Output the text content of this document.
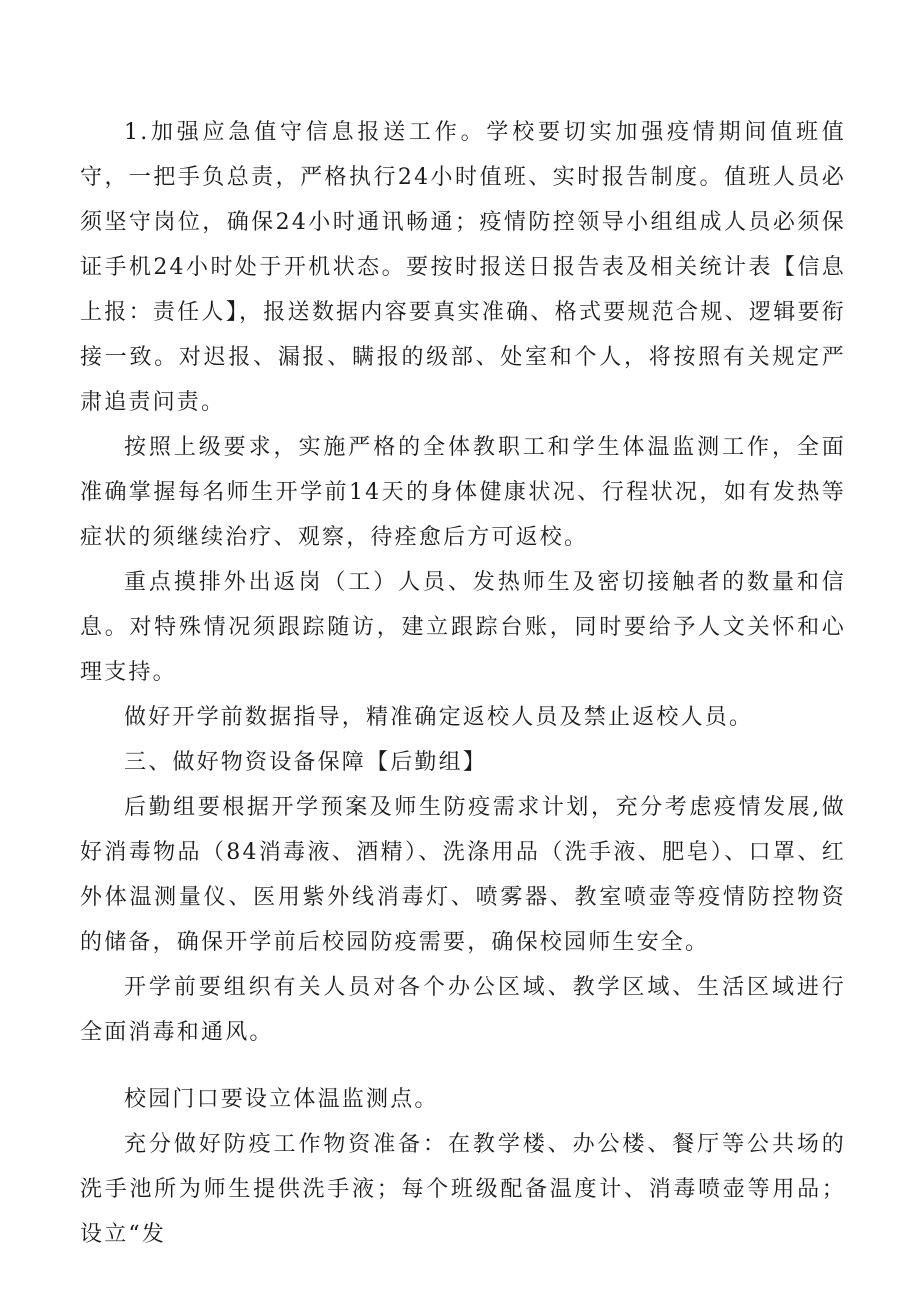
1.加强应急值守信息报送工作。学校要切实加强疫情期间值班值守，一把手负总责，严格执行24小时值班、实时报告制度。值班人员必须坚守岗位，确保24小时通讯畅通；疫情防控领导小组组成人员必须保证手机24小时处于开机状态。要按时报送日报告表及相关统计表【信息上报：责任人】，报送数据内容要真实准确、格式要规范合规、逻辑要衔接一致。对迟报、漏报、瞒报的级部、处室和个人，将按照有关规定严肃追责问责。

按照上级要求，实施严格的全体教职工和学生体温监测工作，全面准确掌握每名师生开学前14天的身体健康状况、行程状况，如有发热等症状的须继续治疗、观察，待痊愈后方可返校。

重点摸排外出返岗（工）人员、发热师生及密切接触者的数量和信息。对特殊情况须跟踪随访，建立跟踪台账，同时要给予人文关怀和心理支持。

做好开学前数据指导，精准确定返校人员及禁止返校人员。

三、做好物资设备保障【后勤组】

后勤组要根据开学预案及师生防疫需求计划，充分考虑疫情发展,做好消毒物品（84消毒液、酒精）、洗涤用品（洗手液、肥皂）、口罩、红外体温测量仪、医用紫外线消毒灯、喷雾器、教室喷壶等疫情防控物资的储备，确保开学前后校园防疫需要，确保校园师生安全。

开学前要组织有关人员对各个办公区域、教学区域、生活区域进行全面消毒和通风。

校园门口要设立体温监测点。

充分做好防疫工作物资准备：在教学楼、办公楼、餐厅等公共场的洗手池所为师生提供洗手液；每个班级配备温度计、消毒喷壶等用品；设立“发
